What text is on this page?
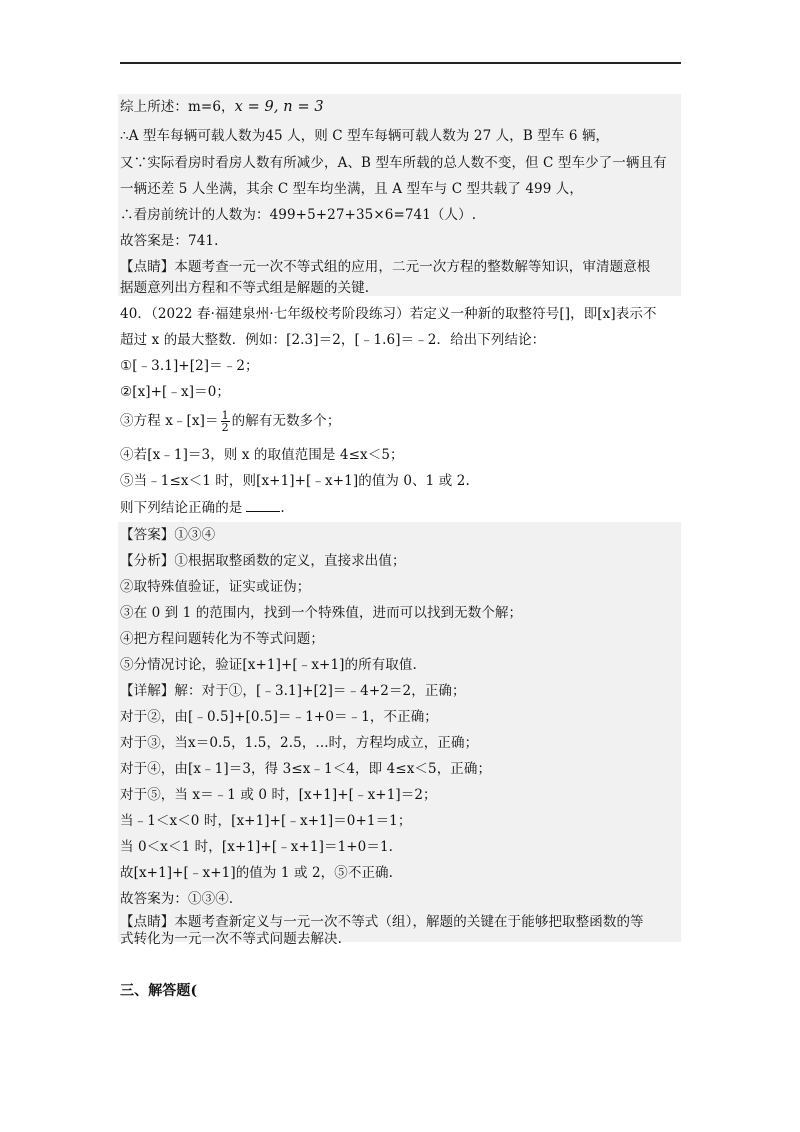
综上所述：m=6，x = 9, n = 3
∴A 型车每辆可载人数为45 人，则 C 型车每辆可载人数为 27 人，B 型车 6 辆，
又∵实际看房时看房人数有所减少，A、B 型车所载的总人数不变，但 C 型车少了一辆且有
一辆还差 5 人坐满，其余 C 型车均坐满，且 A 型车与 C 型共载了 499 人，
∴看房前统计的人数为：499+5+27+35×6=741（人）.
故答案是：741.
【点睛】本题考查一元一次不等式组的应用，二元一次方程的整数解等知识，审清题意根
据题意列出方程和不等式组是解题的关键.
40．（2022 春·福建泉州·七年级校考阶段练习）若定义一种新的取整符号[]，即[x]表示不
超过 x 的最大整数．例如：[2.3]＝2，[﹣1.6]＝﹣2．给出下列结论：
①[﹣3.1]+[2]＝﹣2；
②[x]+[﹣x]＝0；
③方程 x﹣[x]＝ $\frac{1}{2}$ 的解有无数多个；
④若[x﹣1]＝3，则 x 的取值范围是 4≤x＜5；
⑤当﹣1≤x＜1 时，则[x+1]+[﹣x+1]的值为 0、1 或 2.
则下列结论正确的是	.
【答案】①③④
【分析】①根据取整函数的定义，直接求出值；
②取特殊值验证，证实或证伪；
③在 0 到 1 的范围内，找到一个特殊值，进而可以找到无数个解；
④把方程问题转化为不等式问题；
⑤分情况讨论，验证[x+1]+[﹣x+1]的所有取值.
【详解】解：对于①，[﹣3.1]+[2]＝﹣4+2＝2，正确；
对于②，由[﹣0.5]+[0.5]＝﹣1+0＝﹣1，不正确；
对于③，当x＝0.5，1.5，2.5，...时，方程均成立，正确；
对于④，由[x﹣1]＝3，得 3≤x﹣1＜4，即 4≤x＜5，正确；
对于⑤，当 x＝﹣1 或 0 时，[x+1]+[﹣x+1]＝2；
当﹣1＜x＜0 时，[x+1]+[﹣x+1]＝0+1＝1；
当 0＜x＜1 时，[x+1]+[﹣x+1]＝1+0＝1.
故[x+1]+[﹣x+1]的值为 1 或 2，⑤不正确.
故答案为：①③④.
【点睛】本题考查新定义与一元一次不等式（组），解题的关键在于能够把取整函数的等
式转化为一元一次不等式问题去解决.
三、解答题(
